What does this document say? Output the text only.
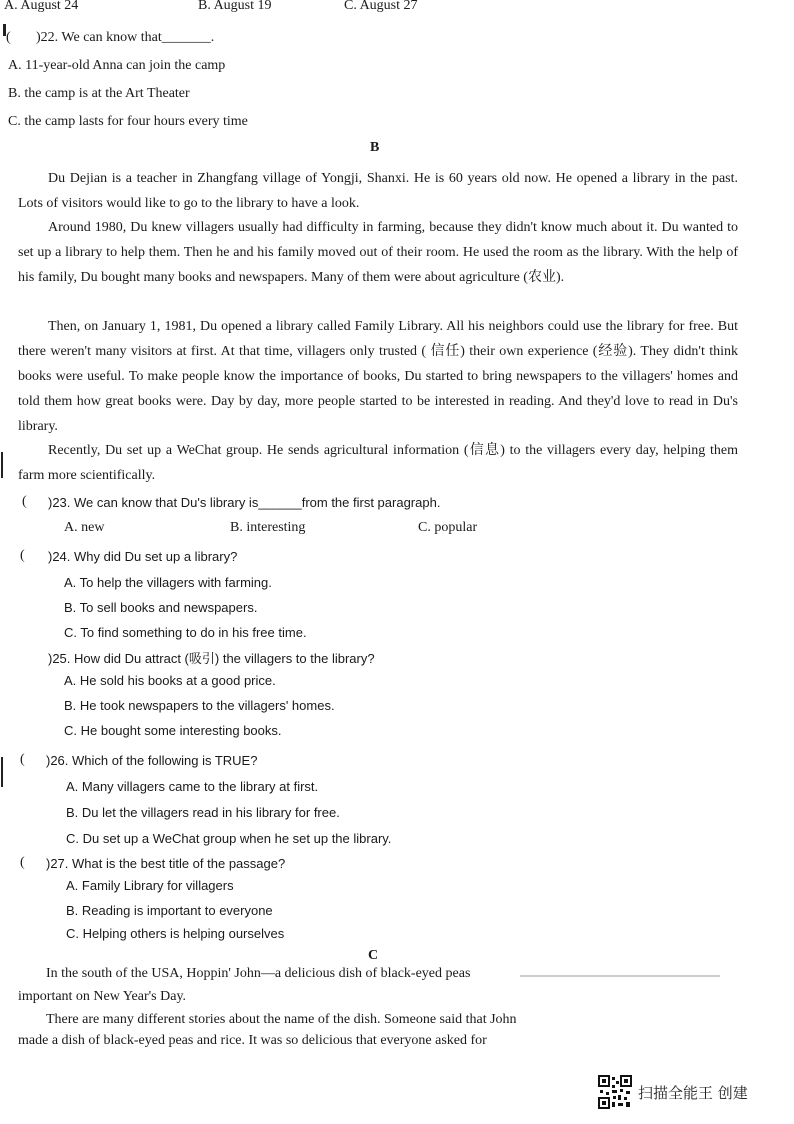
A. August 24	B. August 19	C. August 27
( )22. We can know that_______.
A. 11-year-old Anna can join the camp
B. the camp is at the Art Theater
C. the camp lasts for four hours every time
B
Du Dejian is a teacher in Zhangfang village of Yongji, Shanxi. He is 60 years old now. He opened a library in the past. Lots of visitors would like to go to the library to have a look.
Around 1980, Du knew villagers usually had difficulty in farming, because they didn't know much about it. Du wanted to set up a library to help them. Then he and his family moved out of their room. He used the room as the library. With the help of his family, Du bought many books and newspapers. Many of them were about agriculture (农业).
Then, on January 1, 1981, Du opened a library called Family Library. All his neighbors could use the library for free. But there weren't many visitors at first. At that time, villagers only trusted ( 信任) their own experience (经验). They didn't think books were useful. To make people know the importance of books, Du started to bring newspapers to the villagers' homes and told them how great books were. Day by day, more people started to be interested in reading. And they'd love to read in Du's library.
Recently, Du set up a WeChat group. He sends agricultural information (信息) to the villagers every day, helping them farm more scientifically.
( )23. We can know that Du's library is______from the first paragraph.
A. new	B. interesting	C. popular
( )24. Why did Du set up a library?
A. To help the villagers with farming.
B. To sell books and newspapers.
C. To find something to do in his free time.
)25. How did Du attract (吸引) the villagers to the library?
A. He sold his books at a good price.
B. He took newspapers to the villagers' homes.
C. He bought some interesting books.
( )26. Which of the following is TRUE?
A. Many villagers came to the library at first.
B. Du let the villagers read in his library for free.
C. Du set up a WeChat group when he set up the library.
( )27. What is the best title of the passage?
A. Family Library for villagers
B. Reading is important to everyone
C. Helping others is helping ourselves
C
In the south of the USA, Hoppin' John—a delicious dish of black-eyed peas
important on New Year's Day.
There are many different stories about the name of the dish. Someone said that John
made a dish of black-eyed peas and rice. It was so delicious that everyone asked for
扫描全能王 创建
